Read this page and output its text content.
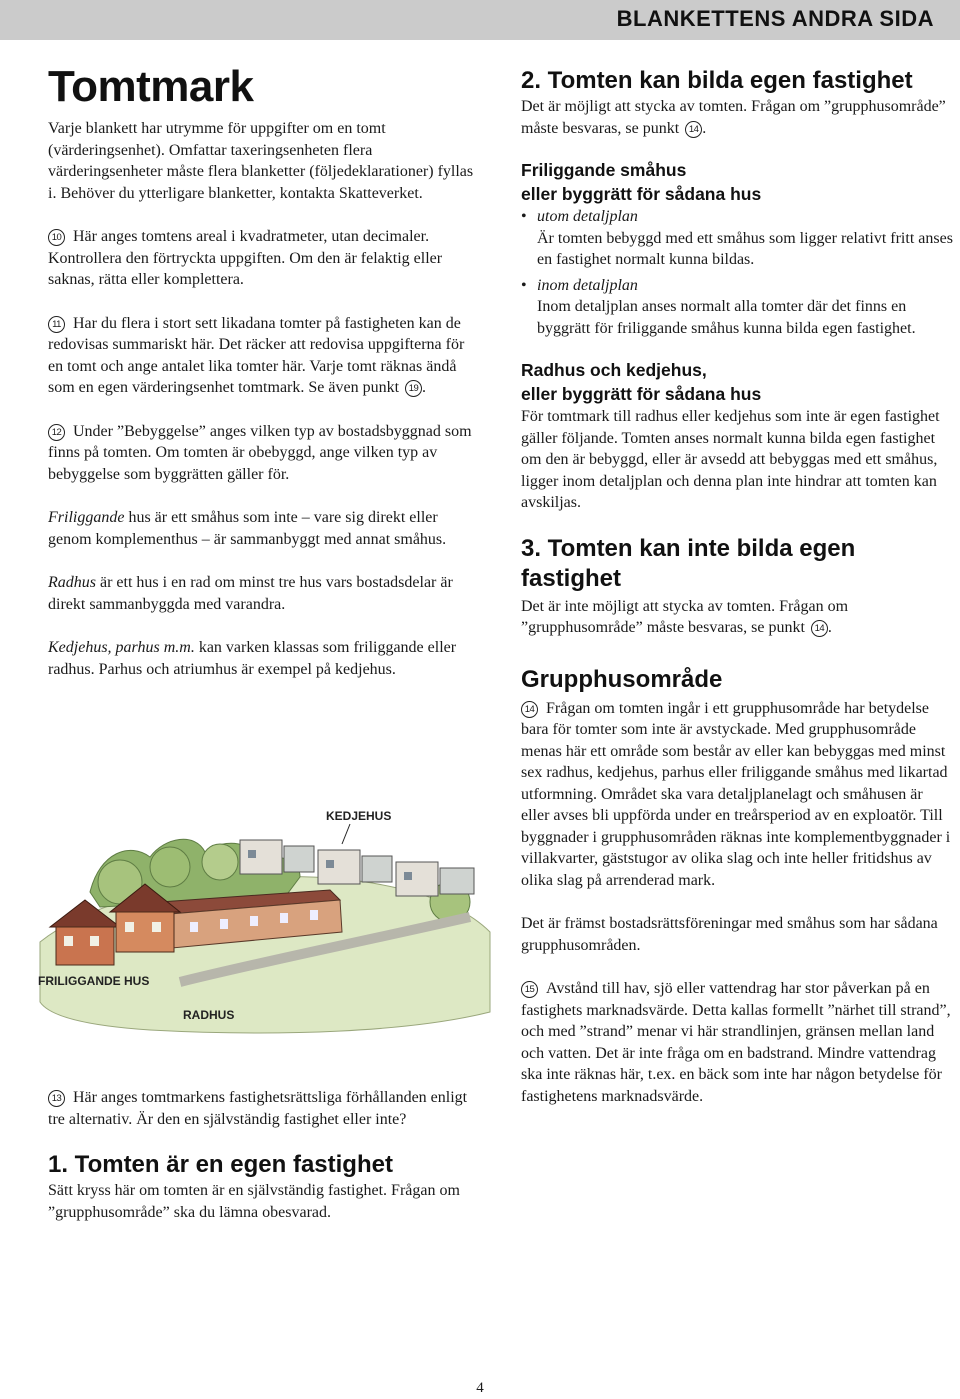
BLANKETTENS ANDRA SIDA
Tomtmark

Varje blankett har utrymme för uppgifter om en tomt (värderingsenhet). Omfattar taxeringsenheten flera värderingsenheter måste flera blanketter (följedeklarationer) fyllas i. Behöver du ytterligare blanketter, kontakta Skatteverket.

10 Här anges tomtens areal i kvadratmeter, utan decimaler. Kontrollera den förtryckta uppgiften. Om den är felaktig eller saknas, rätta eller komplettera.

11 Har du flera i stort sett likadana tomter på fastigheten kan de redovisas summariskt här. Det räcker att redovisa uppgifterna för en tomt och ange antalet lika tomter här. Varje tomt räknas ändå som en egen värderingsenhet tomtmark. Se även punkt 19 .

12 Under ”Bebyggelse” anges vilken typ av bostadsbyggnad som finns på tomten. Om tomten är obebyggd, ange vilken typ av bebyggelse som byggrätten gäller för.

Friliggande hus är ett småhus som inte – vare sig direkt eller genom komplementhus – är sammanbyggt med annat småhus.

Radhus är ett hus i en rad om minst tre hus vars bostadsdelar är direkt sammanbyggda med varandra.

Kedjehus, parhus m.m. kan varken klassas som friliggande eller radhus. Parhus och atriumhus är exempel på kedjehus.

KEDJEHUS
FRILIGGANDE HUS
RADHUS

13 Här anges tomtmarkens fastighetsrättsliga förhållanden enligt tre alternativ. Är den en självständig fastighet eller inte?

1. Tomten är en egen fastighet

Sätt kryss här om tomten är en självständig fastighet. Frågan om ”grupphusområde” ska du lämna obesvarad.

2. Tomten kan bilda egen fastighet

Det är möjligt att stycka av tomten. Frågan om ”grupphusområde” måste besvaras, se punkt 14 .

Friliggande småhus
eller byggrätt för sådana hus
• utom detaljplan
Är tomten bebyggd med ett småhus som ligger relativt fritt anses en fastighet normalt kunna bildas.
• inom detaljplan
Inom detaljplan anses normalt alla tomter där det finns en byggrätt för friliggande småhus kunna bilda egen fastighet.
Radhus och kedjehus,
eller byggrätt för sådana hus

För tomtmark till radhus eller kedjehus som inte är egen fastighet gäller följande. Tomten anses normalt kunna bilda egen fastighet om den är bebyggd, eller är avsedd att bebyggas med ett småhus, ligger inom detaljplan och denna plan inte hindrar att tomten kan avskiljas.

3. Tomten kan inte bilda egen fastighet

Det är inte möjligt att stycka av tomten. Frågan om ”grupphusområde” måste besvaras, se punkt 14 .

Grupphusområde

14 Frågan om tomten ingår i ett grupphusområde har betydelse bara för tomter som inte är avstyckade. Med grupphusområde menas här ett område som består av eller kan bebyggas med minst sex radhus, kedjehus, parhus eller friliggande småhus med likartad utformning. Området ska vara detaljplanelagt och småhusen är eller avses bli uppförda under en treårsperiod av en exploatör. Till byggnader i grupphusområden räknas inte komplementbyggnader i villakvarter, gäststugor av olika slag och inte heller fritidshus av olika slag på arrenderad mark.

Det är främst bostadsrättsföreningar med småhus som har sådana grupphusområden.

15 Avstånd till hav, sjö eller vattendrag har stor påverkan på en fastighets marknadsvärde. Detta kallas formellt ”närhet till strand”, och med ”strand” menar vi här strandlinjen, gränsen mellan land och vatten. Det är inte fråga om en badstrand. Mindre vattendrag ska inte räknas här, t.ex. en bäck som inte har någon betydelse för fastighetens marknadsvärde.

4
